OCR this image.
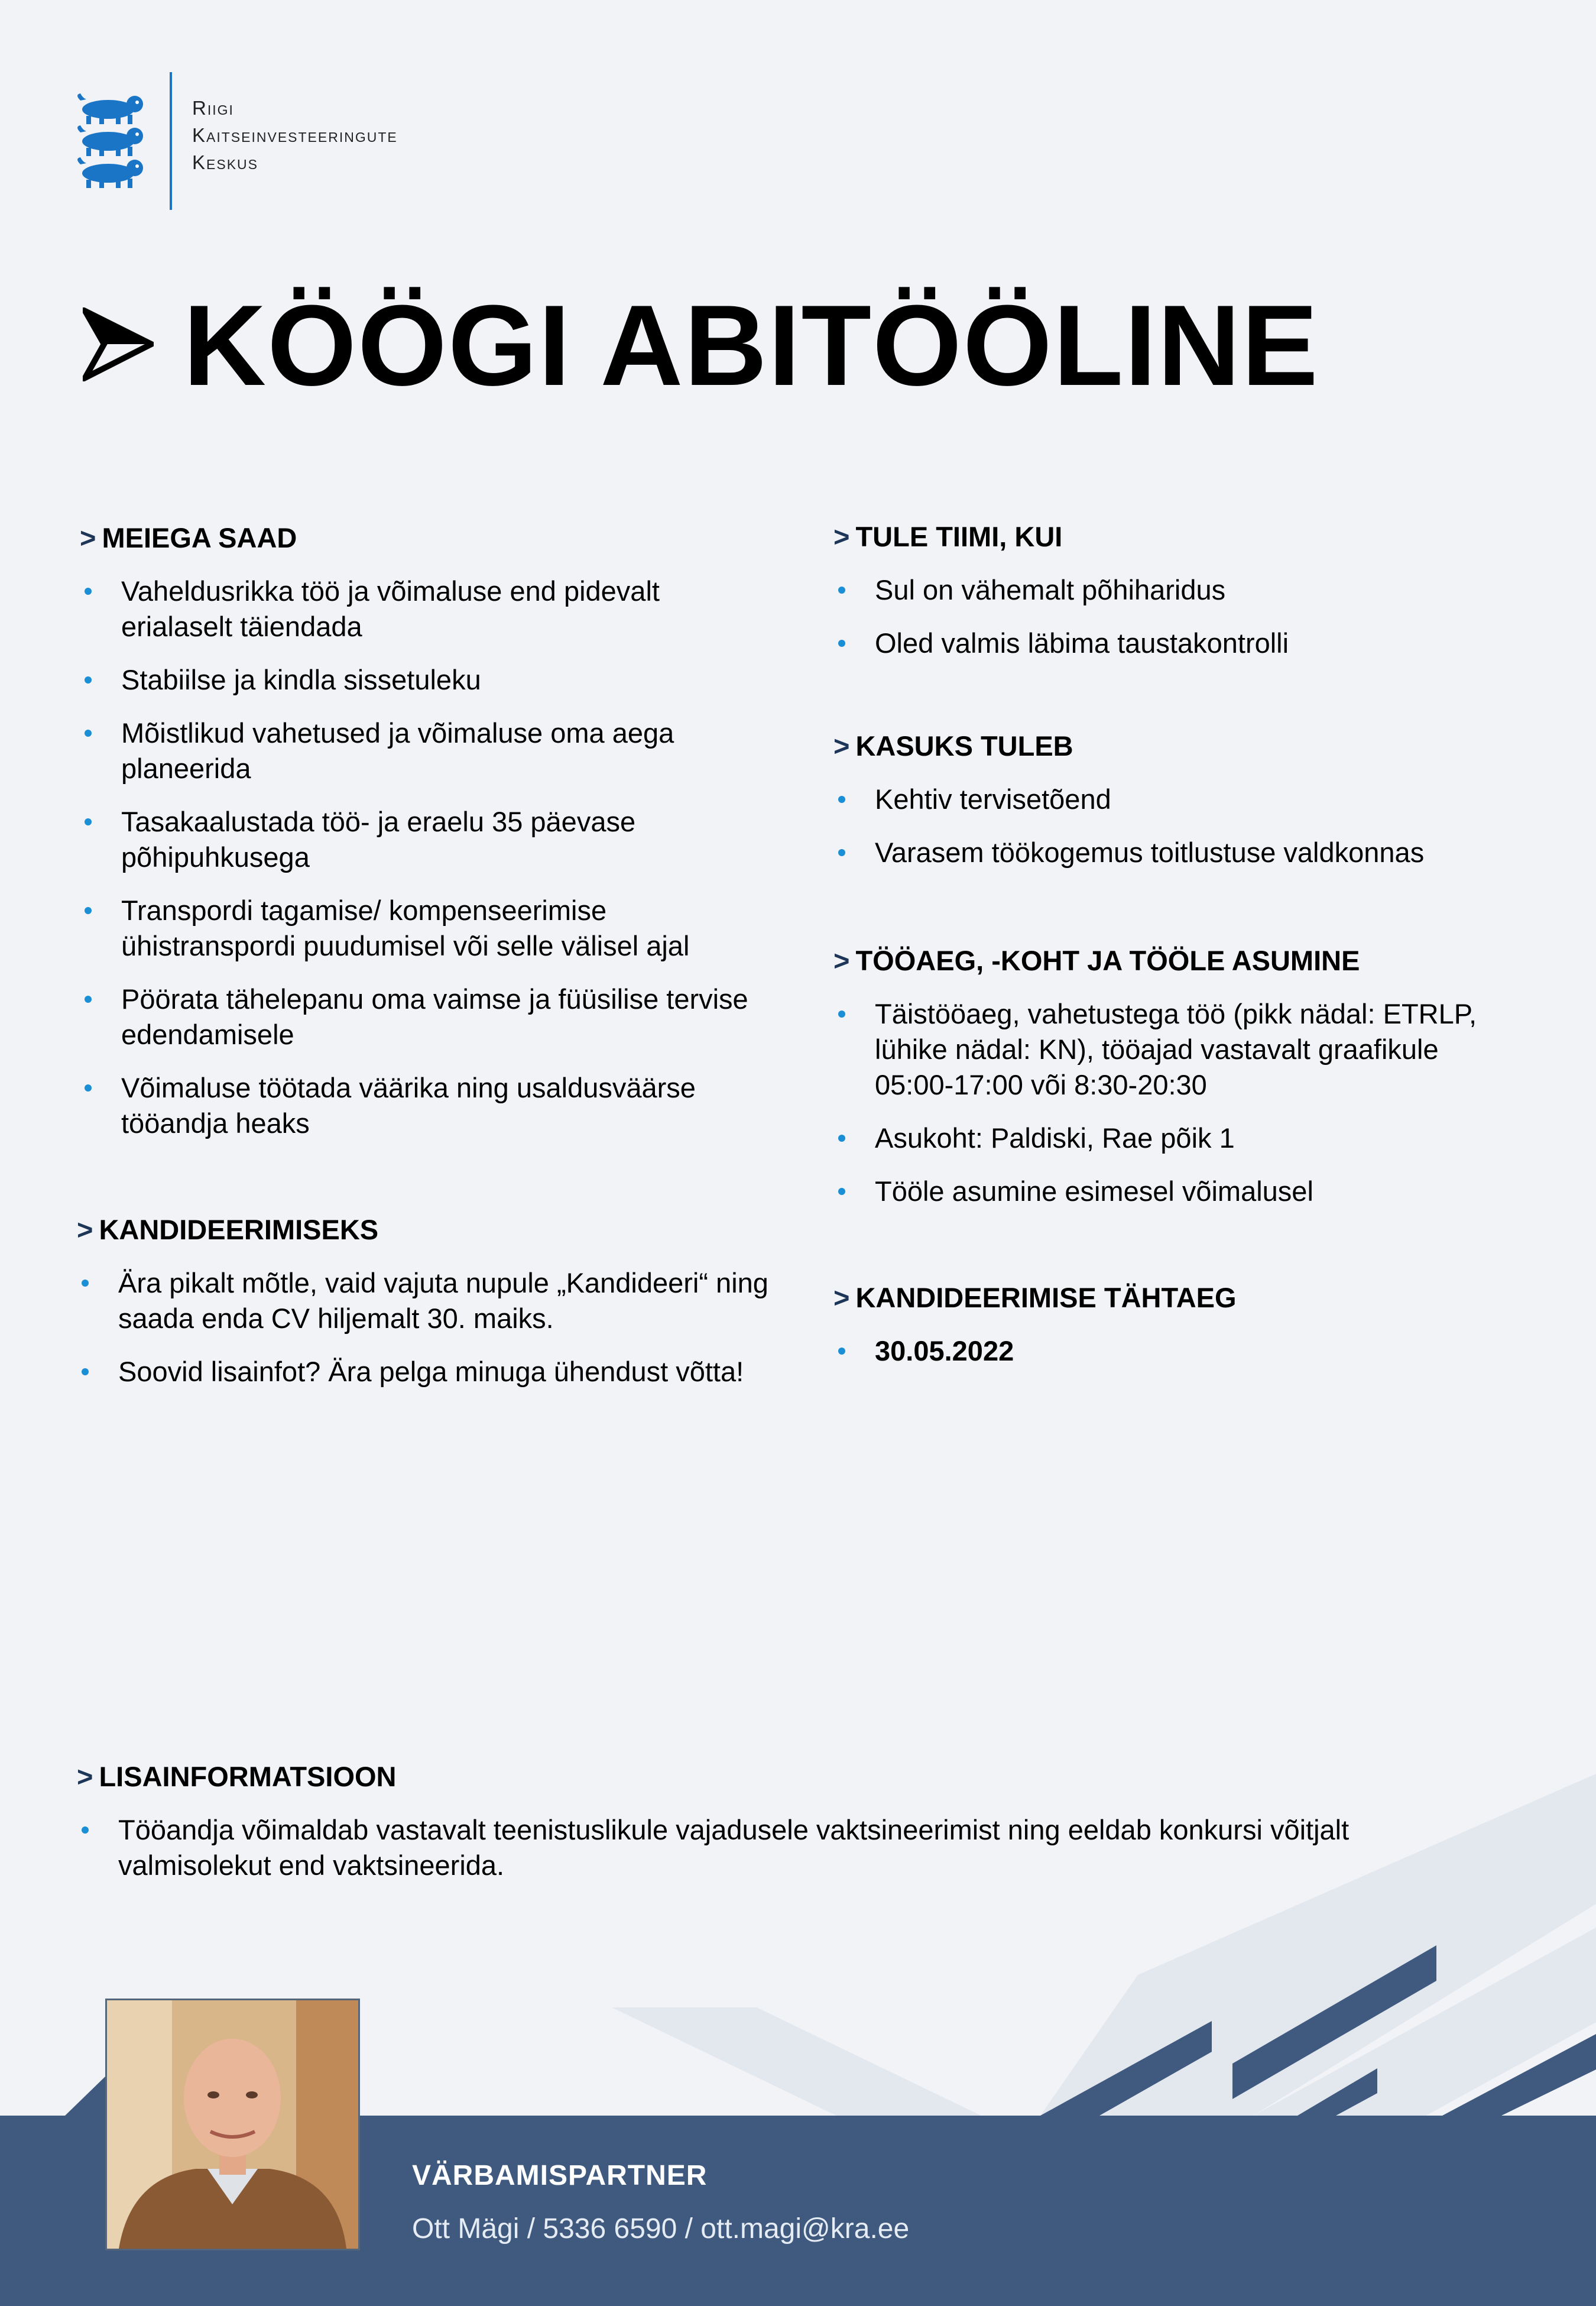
Riigi
Kaitseinvesteeringute
Keskus
KÖÖGI ABITÖÖLINE
> MEIEGA SAAD
Vaheldusrikka töö ja võimaluse end pidevalt erialaselt täiendada
Stabiilse ja kindla sissetuleku
Mõistlikud vahetused ja võimaluse oma aega planeerida
Tasakaalustada töö- ja eraelu 35 päevase põhipuhkusega
Transpordi tagamise/ kompenseerimise ühistranspordi puudumisel või selle välisel ajal
Pöörata tähelepanu oma vaimse ja füüsilise tervise edendamisele
Võimaluse töötada väärika ning usaldusväärse tööandja heaks
> KANDIDEERIMISEKS
Ära pikalt mõtle, vaid vajuta nupule „Kandideeri“ ning saada enda CV hiljemalt 30. maiks.
Soovid lisainfot? Ära pelga minuga ühendust võtta!
> TULE TIIMI, KUI
Sul on vähemalt põhiharidus
Oled valmis läbima taustakontrolli
> KASUKS TULEB
Kehtiv tervisetõend
Varasem töökogemus toitlustuse valdkonnas
> TÖÖAEG, -KOHT JA TÖÖLE ASUMINE
Täistööaeg, vahetustega töö (pikk nädal: ETRLP, lühike nädal: KN), tööajad vastavalt graafikule 05:00-17:00 või 8:30-20:30
Asukoht: Paldiski, Rae põik 1
Tööle asumine esimesel võimalusel
> KANDIDEERIMISE TÄHTAEG
30.05.2022
> LISAINFORMATSIOON
Tööandja võimaldab vastavalt teenistuslikule vajadusele vaktsineerimist ning eeldab konkursi võitjalt valmisolekut end vaktsineerida.
VÄRBAMISPARTNER
Ott Mägi / 5336 6590 / ott.magi@kra.ee
